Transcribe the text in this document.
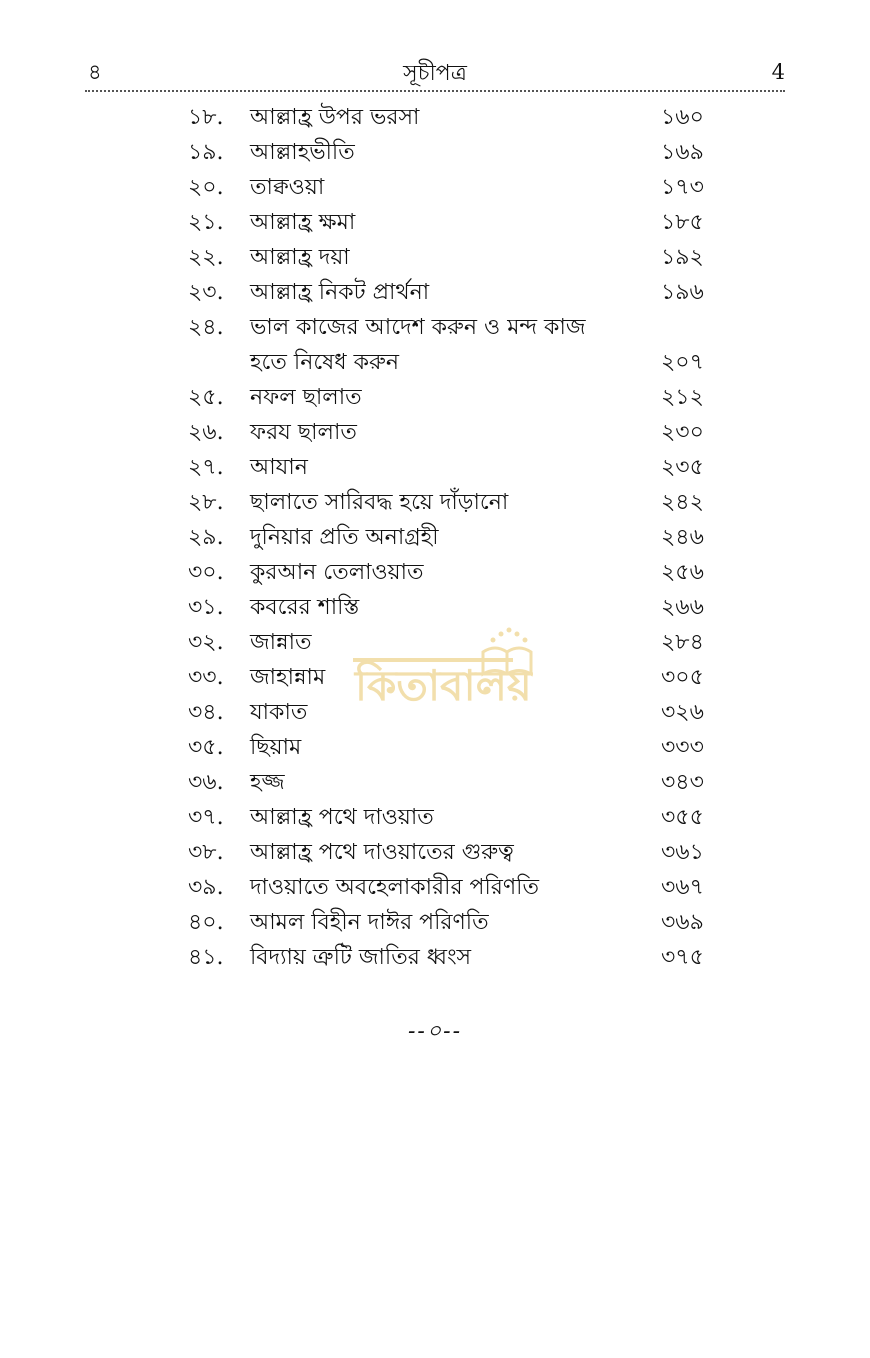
৪	সূচীপত্র	4
১৮. আল্লাহ্র উপর ভরসা	১৬০
১৯. আল্লাহভীতি	১৬৯
২০. তাক্বওয়া	১৭৩
২১. আল্লাহ্র ক্ষমা	১৮৫
২২. আল্লাহ্র দয়া	১৯২
২৩. আল্লাহ্র নিকট প্রার্থনা	১৯৬
২৪. ভাল কাজের আদেশ করুন ও মন্দ কাজ
হতে নিষেধ করুন	২০৭
২৫. নফল ছালাত	২১২
২৬. ফরয ছালাত	২৩০
২৭. আযান	২৩৫
২৮. ছালাতে সারিবদ্ধ হয়ে দাঁড়ানো	২৪২
২৯. দুনিয়ার প্রতি অনাগ্রহী	২৪৬
৩০. কুরআন তেলাওয়াত	২৫৬
৩১. কবরের শাস্তি	২৬৬
৩২. জান্নাত	২৮৪
৩৩. জাহান্নাম	৩০৫
৩৪. যাকাত	৩২৬
৩৫. ছিয়াম	৩৩৩
৩৬. হজ্জ	৩৪৩
৩৭. আল্লাহ্র পথে দাওয়াত	৩৫৫
৩৮. আল্লাহ্র পথে দাওয়াতের গুরুত্ব	৩৬১
৩৯. দাওয়াতে অবহেলাকারীর পরিণতি	৩৬৭
৪০. আমল বিহীন দাঈর পরিণতি	৩৬৯
৪১. বিদ্যায় ত্রুটি জাতির ধ্বংস	৩৭৫
কিতাবালয়
--০--
